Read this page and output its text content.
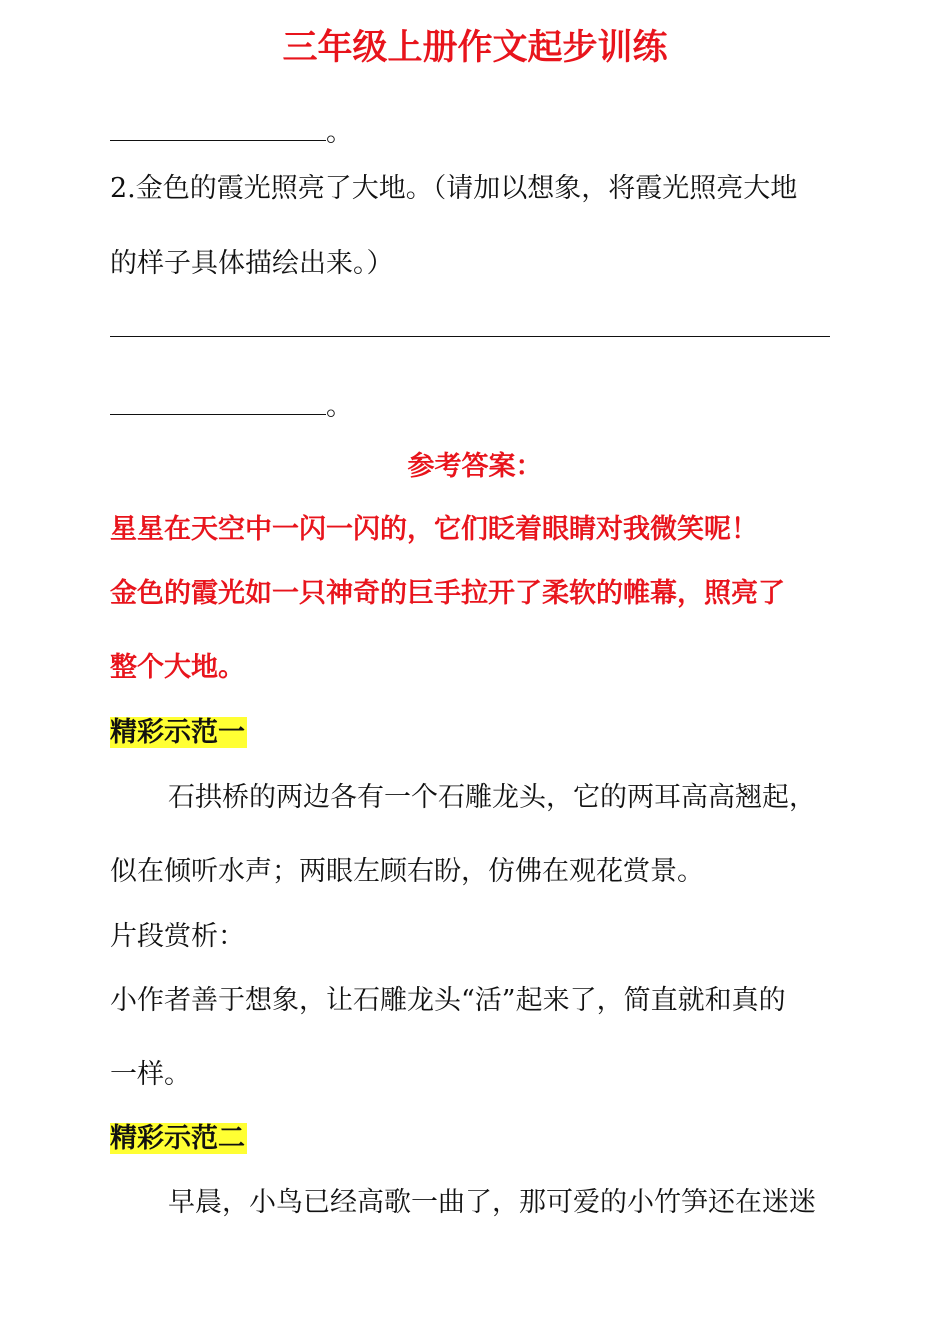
三年级上册作文起步训练
。
2.金色的霞光照亮了大地。（请加以想象，将霞光照亮大地
的样子具体描绘出来。）
。
参考答案：
星星在天空中一闪一闪的，它们眨着眼睛对我微笑呢！
金色的霞光如一只神奇的巨手拉开了柔软的帷幕，照亮了
整个大地。
精彩示范一
石拱桥的两边各有一个石雕龙头，它的两耳高高翘起，
似在倾听水声；两眼左顾右盼，仿佛在观花赏景。
片段赏析：
小作者善于想象，让石雕龙头“活”起来了，简直就和真的
一样。
精彩示范二
早晨，小鸟已经高歌一曲了，那可爱的小竹笋还在迷迷
